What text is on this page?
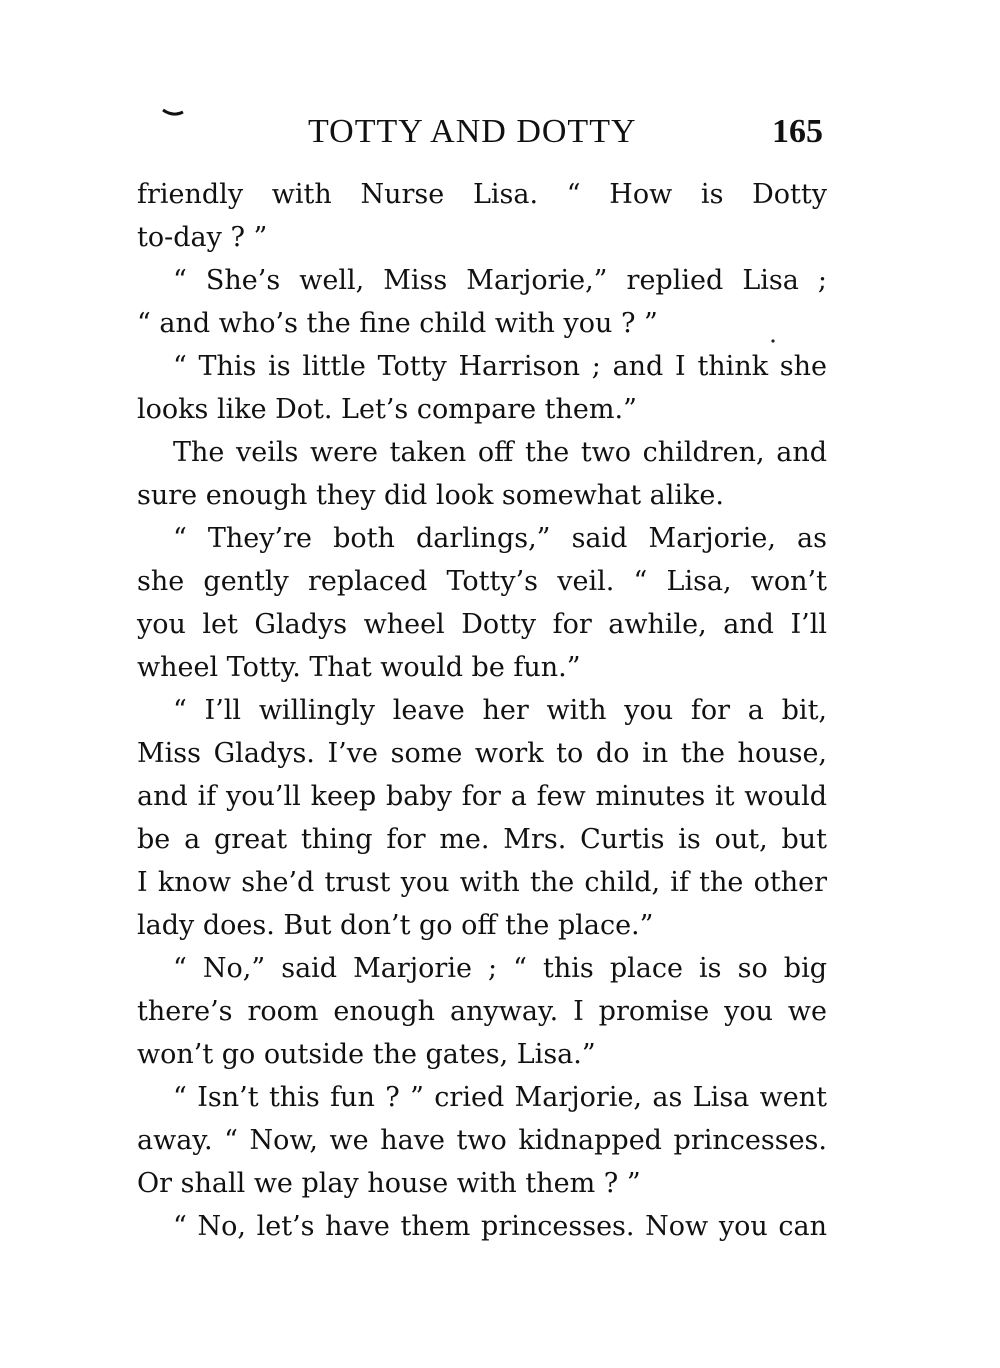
TOTTY AND DOTTY	165
friendly with Nurse Lisa. “ How is Dotty
to-day ? ”
“ She’s well, Miss Marjorie,” replied Lisa ;
“ and who’s the fine child with you ? ”
“ This is little Totty Harrison ; and I think she
looks like Dot. Let’s compare them.”
The veils were taken off the two children, and
sure enough they did look somewhat alike.
“ They’re both darlings,” said Marjorie, as
she gently replaced Totty’s veil. “ Lisa, won’t
you let Gladys wheel Dotty for awhile, and I’ll
wheel Totty. That would be fun.”
“ I’ll willingly leave her with you for a bit,
Miss Gladys. I’ve some work to do in the house,
and if you’ll keep baby for a few minutes it would
be a great thing for me. Mrs. Curtis is out, but
I know she’d trust you with the child, if the other
lady does. But don’t go off the place.”
“ No,” said Marjorie ; “ this place is so big
there’s room enough anyway. I promise you we
won’t go outside the gates, Lisa.”
“ Isn’t this fun ? ” cried Marjorie, as Lisa went
away. “ Now, we have two kidnapped princesses.
Or shall we play house with them ? ”
“ No, let’s have them princesses. Now you can
